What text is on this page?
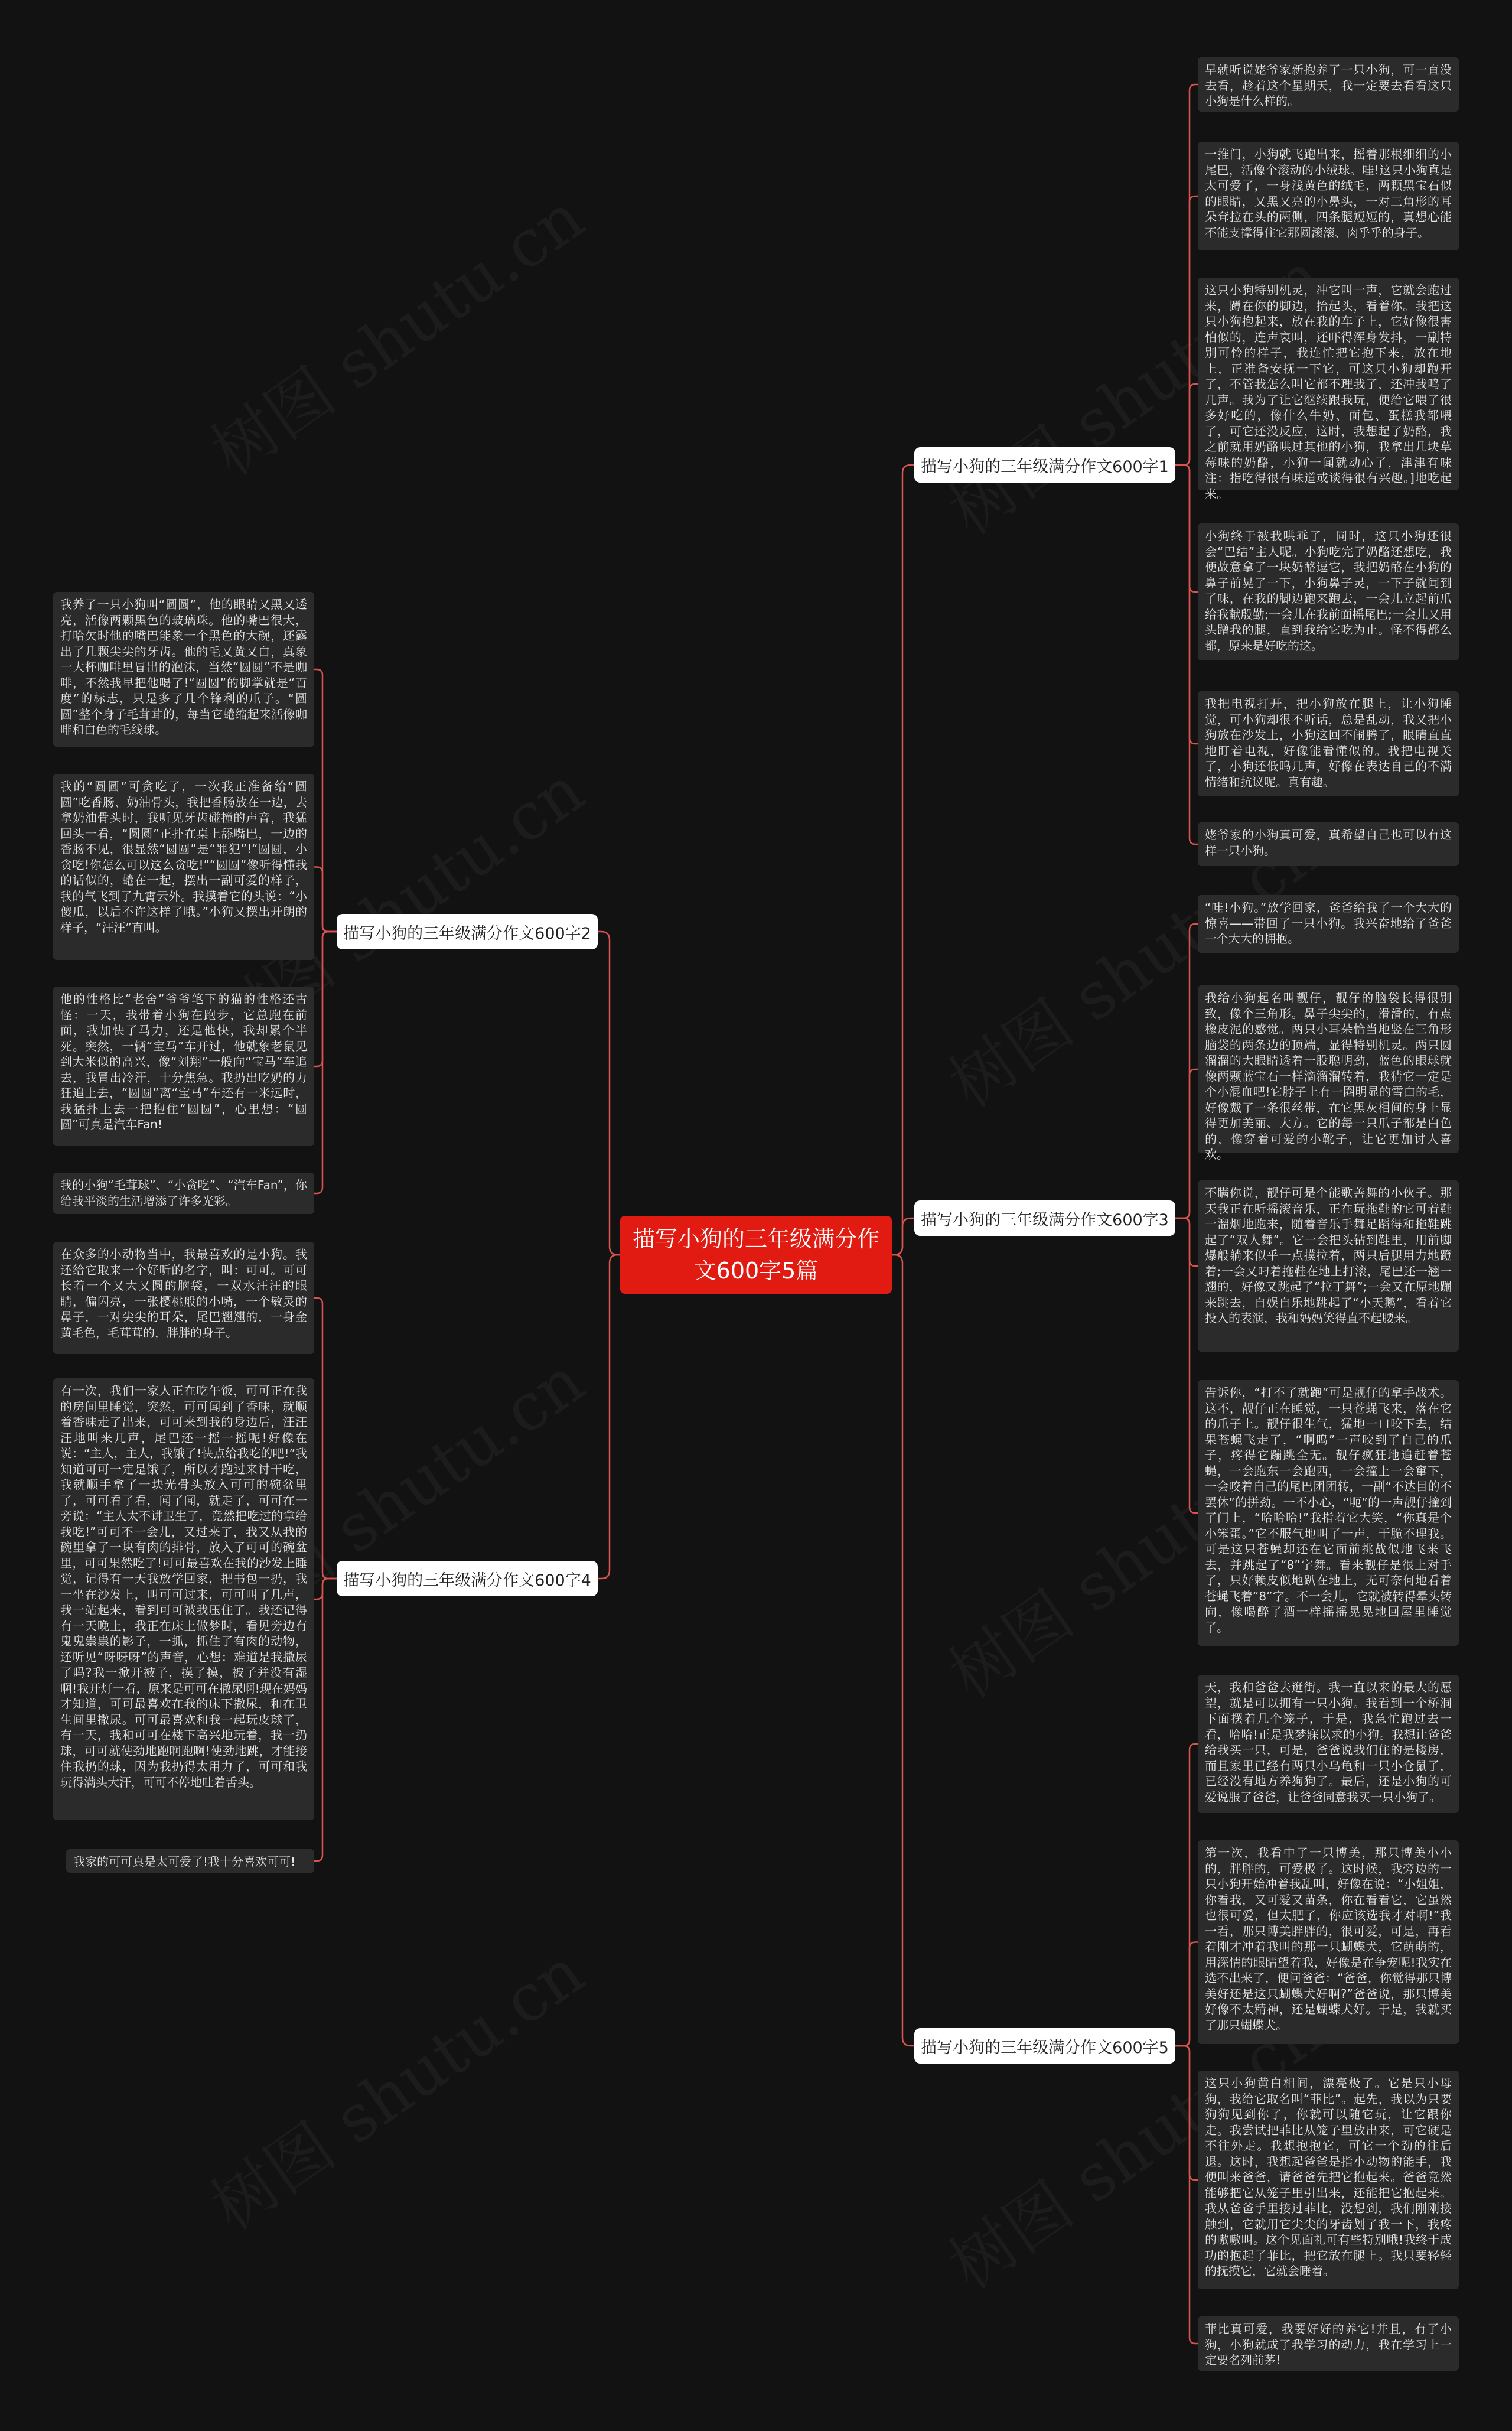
描写小狗的三年级满分作文600字5篇
描写小狗的三年级满分作文600字1
早就听说姥爷家新抱养了一只小狗，可一直没去看，趁着这个星期天，我一定要去看看这只小狗是什么样的。
一推门，小狗就飞跑出来，摇着那根细细的小尾巴，活像个滚动的小绒球。哇!这只小狗真是太可爱了，一身浅黄色的绒毛，两颗黑宝石似的眼睛，又黑又亮的小鼻头，一对三角形的耳朵耷拉在头的两侧，四条腿短短的，真想心能不能支撑得住它那圆滚滚、肉乎乎的身子。
这只小狗特别机灵，冲它叫一声，它就会跑过来，蹲在你的脚边，抬起头，看着你。我把这只小狗抱起来，放在我的车子上，它好像很害怕似的，连声哀叫，还吓得浑身发抖，一副特别可怜的样子，我连忙把它抱下来，放在地上，正准备安抚一下它，可这只小狗却跑开了，不管我怎么叫它都不理我了，还冲我鸣了几声。我为了让它继续跟我玩，便给它喂了很多好吃的，像什么牛奶、面包、蛋糕我都喂了，可它还没反应，这时，我想起了奶酪，我之前就用奶酪哄过其他的小狗，我拿出几块草莓味的奶酪，小狗一闻就动心了，津津有味注：指吃得很有味道或谈得很有兴趣。]地吃起来。
小狗终于被我哄乖了，同时，这只小狗还很会“巴结”主人呢。小狗吃完了奶酪还想吃，我便故意拿了一块奶酪逗它，我把奶酪在小狗的鼻子前晃了一下，小狗鼻子灵，一下子就闻到了味，在我的脚边跑来跑去，一会儿立起前爪给我献殷勤;一会儿在我前面摇尾巴;一会儿又用头蹭我的腿，直到我给它吃为止。怪不得都么都，原来是好吃的这。
我把电视打开，把小狗放在腿上，让小狗睡觉，可小狗却很不听话，总是乱动，我又把小狗放在沙发上，小狗这回不闹腾了，眼睛直直地盯着电视，好像能看懂似的。我把电视关了，小狗还低呜几声，好像在表达自己的不满情绪和抗议呢。真有趣。
姥爷家的小狗真可爱，真希望自己也可以有这样一只小狗。
描写小狗的三年级满分作文600字3
“哇!小狗。”放学回家，爸爸给我了一个大大的惊喜——带回了一只小狗。我兴奋地给了爸爸一个大大的拥抱。
我给小狗起名叫靓仔，靓仔的脑袋长得很别致，像个三角形。鼻子尖尖的，滑滑的，有点橡皮泥的感觉。两只小耳朵恰当地竖在三角形脑袋的两条边的顶端，显得特别机灵。两只圆溜溜的大眼睛透着一股聪明劲，蓝色的眼球就像两颗蓝宝石一样滴溜溜转着，我猜它一定是个小混血吧!它脖子上有一圈明显的雪白的毛，好像戴了一条很丝带，在它黑灰相间的身上显得更加美丽、大方。它的每一只爪子都是白色的，像穿着可爱的小靴子，让它更加讨人喜欢。
不瞒你说，靓仔可是个能歌善舞的小伙子。那天我正在听摇滚音乐，正在玩拖鞋的它可着鞋一溜烟地跑来，随着音乐手舞足蹈得和拖鞋跳起了“双人舞”。它一会把头钻到鞋里，用前脚爆般躺来似乎一点摸拉着，两只后腿用力地蹬着;一会又叼着拖鞋在地上打滚，尾巴还一翘一翘的，好像又跳起了“拉丁舞”;一会又在原地蹦来跳去，自娱自乐地跳起了“小天鹅”，看着它投入的表演，我和妈妈笑得直不起腰来。
告诉你，“打不了就跑”可是靓仔的拿手战术。这不，靓仔正在睡觉，一只苍蝇飞来，落在它的爪子上。靓仔很生气，猛地一口咬下去，结果苍蝇飞走了，“啊呜”一声咬到了自己的爪子，疼得它蹦跳全无。靓仔疯狂地追赶着苍蝇，一会跑东一会跑西，一会撞上一会窜下，一会咬着自己的尾巴团团转，一副“不达目的不罢休”的拼劲。一不小心，“呃”的一声靓仔撞到了门上，“哈哈哈!”我指着它大笑，“你真是个小笨蛋。”它不服气地叫了一声，干脆不理我。可是这只苍蝇却还在它面前挑战似地飞来飞去，并跳起了“8”字舞。看来靓仔是很上对手了，只好赖皮似地趴在地上，无可奈何地看着苍蝇飞着“8”字。不一会儿，它就被转得晕头转向，像喝醉了酒一样摇摇晃晃地回屋里睡觉了。
描写小狗的三年级满分作文600字5
天，我和爸爸去逛街。我一直以来的最大的愿望，就是可以拥有一只小狗。我看到一个桥洞下面摆着几个笼子，于是，我急忙跑过去一看，哈哈!正是我梦寐以求的小狗。我想让爸爸给我买一只，可是，爸爸说我们住的是楼房，而且家里已经有两只小乌龟和一只小仓鼠了，已经没有地方养狗狗了。最后，还是小狗的可爱说服了爸爸，让爸爸同意我买一只小狗了。
第一次，我看中了一只博美，那只博美小小的，胖胖的，可爱极了。这时候，我旁边的一只小狗开始冲着我乱叫，好像在说：“小姐姐，你看我，又可爱又苗条，你在看看它，它虽然也很可爱，但太肥了，你应该选我才对啊!”我一看，那只博美胖胖的，很可爱，可是，再看着刚才冲着我叫的那一只蝴蝶犬，它萌萌的，用深情的眼睛望着我，好像是在争宠呢!我实在选不出来了，便问爸爸：“爸爸，你觉得那只博美好还是这只蝴蝶犬好啊?”爸爸说，那只博美好像不太精神，还是蝴蝶犬好。于是，我就买了那只蝴蝶犬。
这只小狗黄白相间，漂亮极了。它是只小母狗，我给它取名叫“菲比”。起先，我以为只要狗狗见到你了，你就可以随它玩，让它跟你走。我尝试把菲比从笼子里放出来，可它硬是不往外走。我想抱抱它，可它一个劲的往后退。这时，我想起爸爸是指小动物的能手，我便叫来爸爸，请爸爸先把它抱起来。爸爸竟然能够把它从笼子里引出来，还能把它抱起来。我从爸爸手里接过菲比，没想到，我们刚刚接触到，它就用它尖尖的牙齿划了我一下，我疼的嗷嗷叫。这个见面礼可有些特别哦!我终于成功的抱起了菲比，把它放在腿上。我只要轻轻的抚摸它，它就会睡着。
菲比真可爱，我要好好的养它!并且，有了小狗，小狗就成了我学习的动力，我在学习上一定要名列前茅!
描写小狗的三年级满分作文600字2
我养了一只小狗叫“圆圆”，他的眼睛又黑又透亮，活像两颗黑色的玻璃珠。他的嘴巴很大，打哈欠时他的嘴巴能象一个黑色的大碗，还露出了几颗尖尖的牙齿。他的毛又黄又白，真象一大杯咖啡里冒出的泡沫，当然“圆圆”不是咖啡，不然我早把他喝了!“圆圆”的脚掌就是“百度”的标志，只是多了几个锋利的爪子。“圆圆”整个身子毛茸茸的，每当它蜷缩起来活像咖啡和白色的毛线球。
我的“圆圆”可贪吃了，一次我正准备给“圆圆”吃香肠、奶油骨头，我把香肠放在一边，去拿奶油骨头时，我听见牙齿碰撞的声音，我猛回头一看，“圆圆”正扑在桌上舔嘴巴，一边的香肠不见，很显然“圆圆”是“罪犯”!“圆圆，小贪吃!你怎么可以这么贪吃!”“圆圆”像听得懂我的话似的，蜷在一起，摆出一副可爱的样子，我的气飞到了九霄云外。我摸着它的头说：“小傻瓜，以后不许这样了哦。”小狗又摆出开朗的样子，“汪汪”直叫。
他的性格比“老舍”爷爷笔下的猫的性格还古怪：一天，我带着小狗在跑步，它总跑在前面，我加快了马力，还是他快，我却累个半死。突然，一辆“宝马”车开过，他就象老鼠见到大米似的高兴，像“刘翔”一般向“宝马”车追去，我冒出冷汗，十分焦急。我扔出吃奶的力狂追上去，“圆圆”离“宝马”车还有一米远时，我猛扑上去一把抱住“圆圆”，心里想：“圆圆”可真是汽车Fan!
我的小狗“毛茸球”、“小贪吃”、“汽车Fan”，你给我平淡的生活增添了许多光彩。
描写小狗的三年级满分作文600字4
在众多的小动物当中，我最喜欢的是小狗。我还给它取来一个好听的名字，叫：可可。可可长着一个又大又圆的脑袋，一双水汪汪的眼睛，偏闪亮，一张樱桃般的小嘴，一个敏灵的鼻子，一对尖尖的耳朵，尾巴翘翘的，一身金黄毛色，毛茸茸的，胖胖的身子。
有一次，我们一家人正在吃午饭，可可正在我的房间里睡觉，突然，可可闻到了香味，就顺着香味走了出来，可可来到我的身边后，汪汪汪地叫来几声，尾巴还一摇一摇呢!好像在说：“主人，主人，我饿了!快点给我吃的吧!”我知道可可一定是饿了，所以才跑过来讨干吃，我就顺手拿了一块光骨头放入可可的碗盆里了，可可看了看，闻了闻，就走了，可可在一旁说：“主人太不讲卫生了，竟然把吃过的拿给我吃!”可可不一会儿，又过来了，我又从我的碗里拿了一块有肉的排骨，放入了可可的碗盆里，可可果然吃了!可可最喜欢在我的沙发上睡觉，记得有一天我放学回家，把书包一扔，我一坐在沙发上，叫可可过来，可可叫了几声，我一站起来，看到可可被我压住了。我还记得有一天晚上，我正在床上做梦时，看见旁边有鬼鬼祟祟的影子，一抓，抓住了有肉的动物，还听见“呀呀呀”的声音，心想：难道是我撒尿了吗?我一掀开被子，摸了摸，被子并没有湿啊!我开灯一看，原来是可可在撒尿啊!现在妈妈才知道，可可最喜欢在我的床下撒尿，和在卫生间里撒尿。可可最喜欢和我一起玩皮球了，有一天，我和可可在楼下高兴地玩着，我一扔球，可可就使劲地跑啊跑啊!使劲地跳，才能接住我扔的球，因为我扔得太用力了，可可和我玩得满头大汗，可可不停地吐着舌头。
我家的可可真是太可爱了!我十分喜欢可可!
